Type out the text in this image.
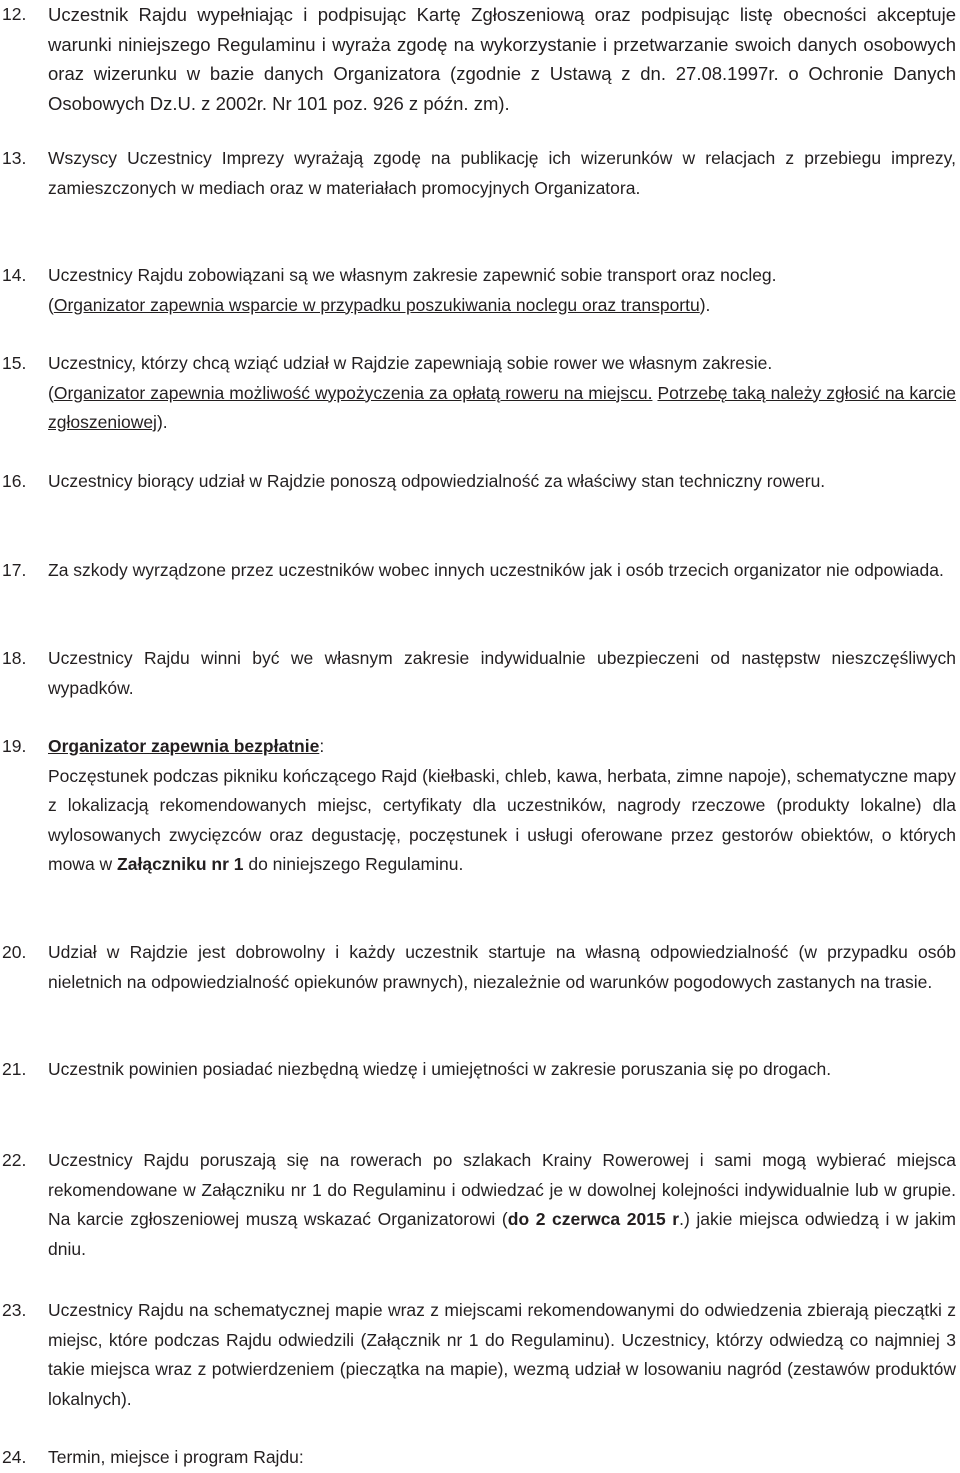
12. Uczestnik Rajdu wypełniając i podpisując Kartę Zgłoszeniową oraz podpisując listę obecności akceptuje warunki niniejszego Regulaminu i wyraża zgodę na wykorzystanie i przetwarzanie swoich danych osobowych oraz wizerunku w bazie danych Organizatora (zgodnie z Ustawą z dn. 27.08.1997r. o Ochronie Danych Osobowych Dz.U. z 2002r. Nr 101 poz. 926 z późn. zm).
13. Wszyscy Uczestnicy Imprezy wyrażają zgodę na publikację ich wizerunków w relacjach z przebiegu imprezy, zamieszczonych w mediach oraz w materiałach promocyjnych Organizatora.
14. Uczestnicy Rajdu zobowiązani są we własnym zakresie zapewnić sobie transport oraz nocleg.
(Organizator zapewnia wsparcie w przypadku poszukiwania noclegu oraz transportu).
15. Uczestnicy, którzy chcą wziąć udział w Rajdzie zapewniają sobie rower we własnym zakresie.
(Organizator zapewnia możliwość wypożyczenia za opłatą roweru na miejscu. Potrzebę taką należy zgłosić na karcie zgłoszeniowej).
16. Uczestnicy biorący udział w Rajdzie ponoszą odpowiedzialność za właściwy stan techniczny roweru.
17. Za szkody wyrządzone przez uczestników wobec innych uczestników jak i osób trzecich organizator nie odpowiada.
18. Uczestnicy Rajdu winni być we własnym zakresie indywidualnie ubezpieczeni od następstw nieszczęśliwych wypadków.
19. Organizator zapewnia bezpłatnie:
Poczęstunek podczas pikniku kończącego Rajd (kiełbaski, chleb, kawa, herbata, zimne napoje), schematyczne mapy z lokalizacją rekomendowanych miejsc, certyfikaty dla uczestników, nagrody rzeczowe (produkty lokalne) dla wylosowanych zwycięzców oraz degustację, poczęstunek i usługi oferowane przez gestorów obiektów, o których mowa w Załączniku nr 1 do niniejszego Regulaminu.
20. Udział w Rajdzie jest dobrowolny i każdy uczestnik startuje na własną odpowiedzialność (w przypadku osób nieletnich na odpowiedzialność opiekunów prawnych), niezależnie od warunków pogodowych zastanych na trasie.
21. Uczestnik powinien posiadać niezbędną wiedzę i umiejętności w zakresie poruszania się po drogach.
22. Uczestnicy Rajdu poruszają się na rowerach po szlakach Krainy Rowerowej i sami mogą wybierać miejsca rekomendowane w Załączniku nr 1 do Regulaminu i odwiedzać je w dowolnej kolejności indywidualnie lub w grupie. Na karcie zgłoszeniowej muszą wskazać Organizatorowi (do 2 czerwca 2015 r.) jakie miejsca odwiedzą i w jakim dniu.
23. Uczestnicy Rajdu na schematycznej mapie wraz z miejscami rekomendowanymi do odwiedzenia zbierają pieczątki z miejsc, które podczas Rajdu odwiedzili (Załącznik nr 1 do Regulaminu). Uczestnicy, którzy odwiedzą co najmniej 3 takie miejsca wraz z potwierdzeniem (pieczątka na mapie), wezmą udział w losowaniu nagród (zestawów produktów lokalnych).
24. Termin, miejsce i program Rajdu:
